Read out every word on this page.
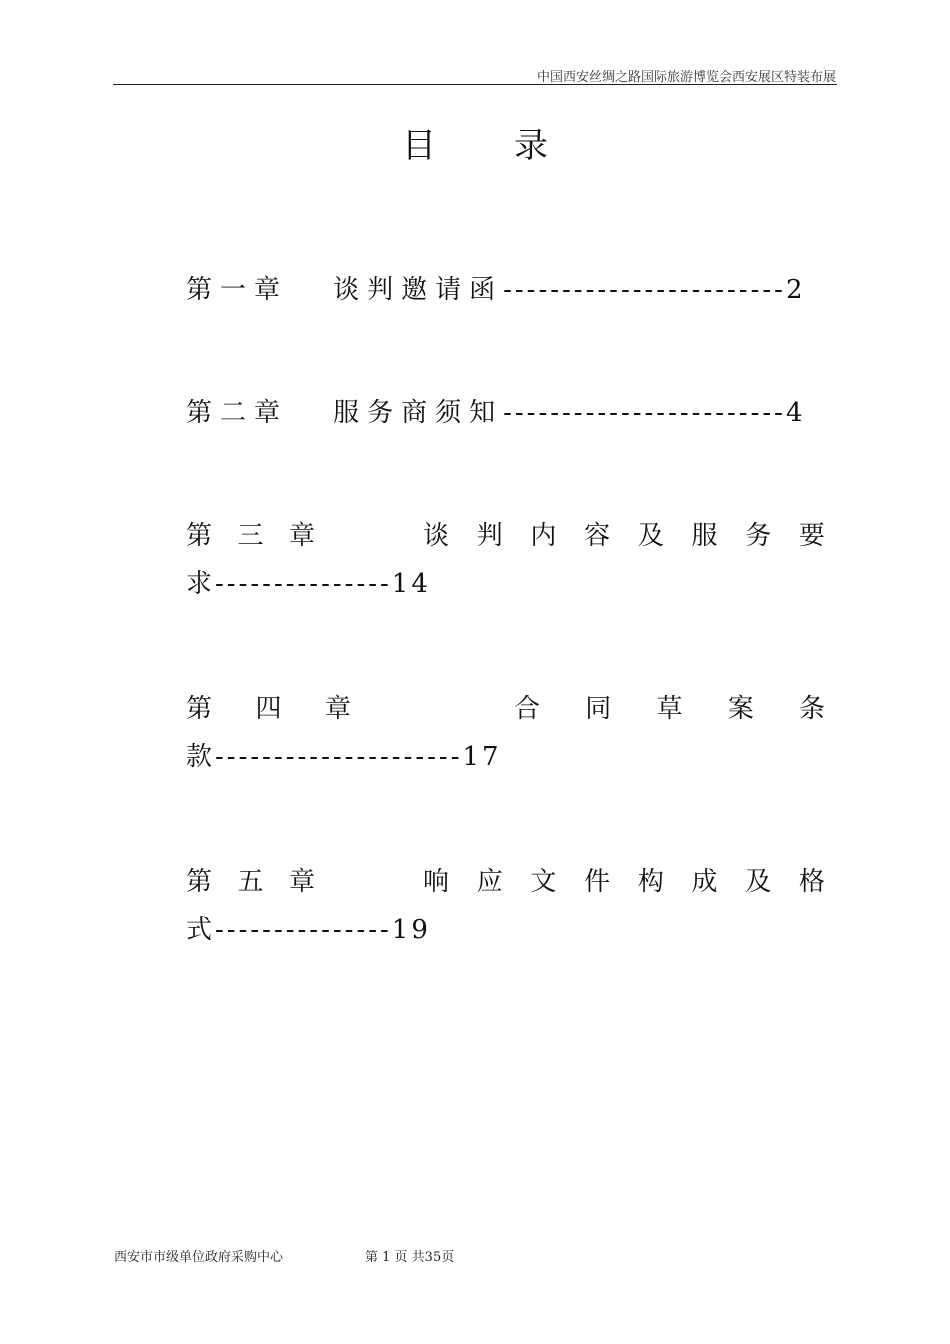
中国西安丝绸之路国际旅游博览会西安展区特装布展
目录
第一章 谈判邀请函------------------------2
第二章 服务商须知------------------------4
第 三 章	谈 判 内 容 及 服 务 要
求---------------14
第 四 章	合 同 草 案 条
款---------------------17
第 五 章	响 应 文 件 构 成 及 格
式---------------19
西安市市级单位政府采购中心	第 1 页 共35页
